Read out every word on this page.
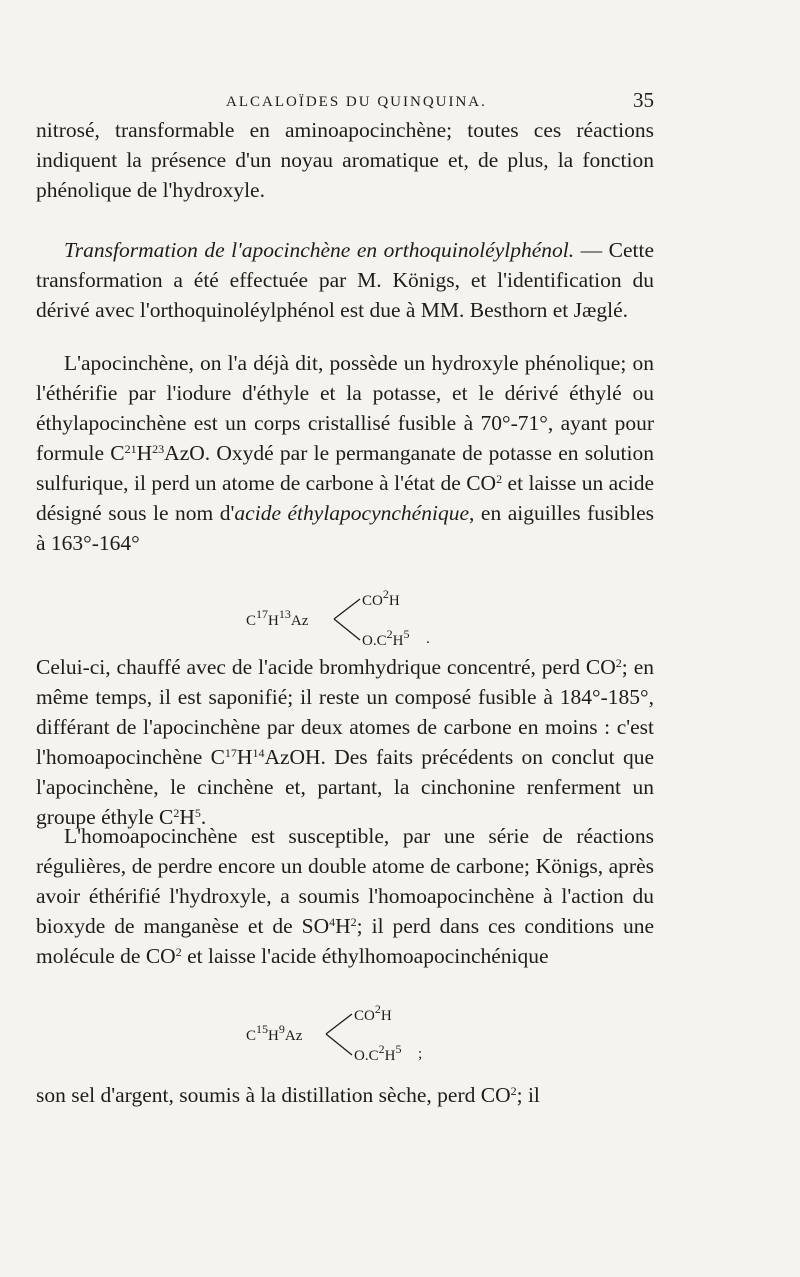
ALCALOÏDES DU QUINQUINA.	35

nitrosé, transformable en aminoapocinchène; toutes ces réactions indiquent la présence d'un noyau aromatique et, de plus, la fonction phénolique de l'hydroxyle.

Transformation de l'apocinchène en orthoquinoléylphénol. — Cette transformation a été effectuée par M. Königs, et l'identification du dérivé avec l'orthoquinoléylphénol est due à MM. Besthorn et Jæglé.

L'apocinchène, on l'a déjà dit, possède un hydroxyle phénolique; on l'éthérifie par l'iodure d'éthyle et la potasse, et le dérivé éthylé ou éthylapocinchène est un corps cristallisé fusible à 70°-71°, ayant pour formule $C^{21}H^{23}AzO$. Oxydé par le permanganate de potasse en solution sulfurique, il perd un atome de carbone à l'état de $CO^2$ et laisse un acide désigné sous le nom d'acide éthylapocynchénique, en aiguilles fusibles à 163°-164°

$C^{17}H^{13}Az$
$CO^2H$
$O.C^2H^5$ .

Celui-ci, chauffé avec de l'acide bromhydrique concentré, perd $CO^2$; en même temps, il est saponifié; il reste un composé fusible à 184°-185°, différant de l'apocinchène par deux atomes de carbone en moins : c'est l'homoapocinchène $C^{17}H^{14}AzOH$. Des faits précédents on conclut que l'apocinchène, le cinchène et, partant, la cinchonine renferment un groupe éthyle $C^2H^5$.

L'homoapocinchène est susceptible, par une série de réactions régulières, de perdre encore un double atome de carbone; Königs, après avoir éthérifié l'hydroxyle, a soumis l'homoapocinchène à l'action du bioxyde de manganèse et de $SO^4H^2$; il perd dans ces conditions une molécule de $CO^2$ et laisse l'acide éthylhomoapocinchénique

$C^{15}H^9Az$
$CO^2H$
$O.C^2H^5$ ;

son sel d'argent, soumis à la distillation sèche, perd $CO^2$; il
